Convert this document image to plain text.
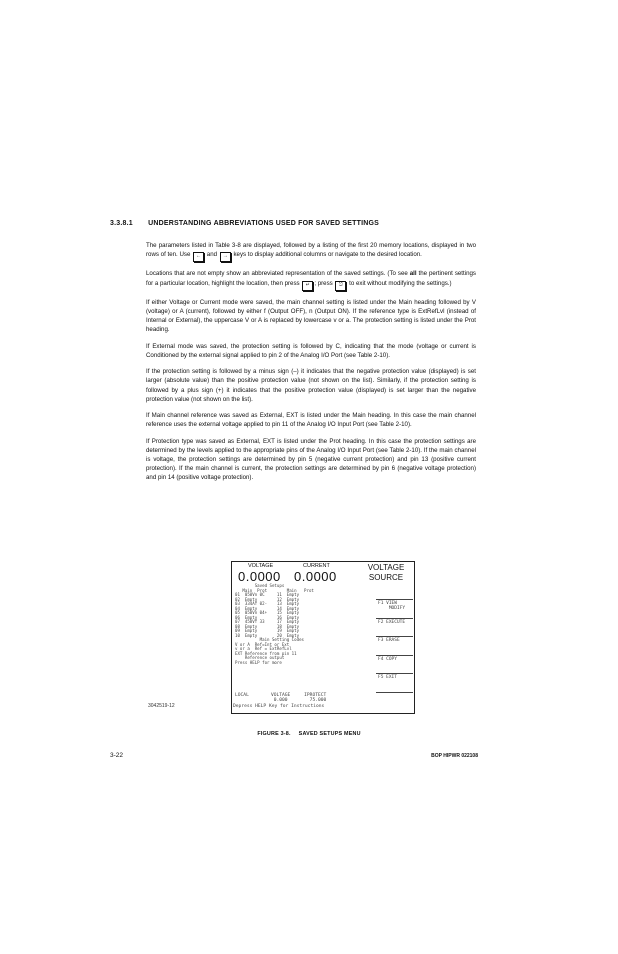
3.3.8.1 UNDERSTANDING ABBREVIATIONS USED FOR SAVED SETTINGS

The parameters listed in Table 3-8 are displayed, followed by a listing of the first 20 memory locations, displayed in two rows of ten. Use ← and → keys to display additional columns or navigate to the desired location.

Locations that are not empty show an abbreviated representation of the saved settings. (To see all the pertinent settings for a particular location, highlight the location, then press ↵ ; press ⎋ to exit without modifying the settings.)

If either Voltage or Current mode were saved, the main channel setting is listed under the Main heading followed by V (voltage) or A (current), followed by either f (Output OFF), n (Output ON). If the reference type is ExtRefLvl (instead of Internal or External), the uppercase V or A is replaced by lowercase v or a. The protection setting is listed under the Prot heading.

If External mode was saved, the protection setting is followed by C, indicating that the mode (voltage or current is Conditioned by the external signal applied to pin 2 of the Analog I/O Port (see Table 2-10).

If the protection setting is followed by a minus sign (–) it indicates that the negative protection value (displayed) is set larger (absolute value) than the positive protection value (not shown on the list). Similarly, if the protection setting is followed by a plus sign (+) it indicates that the positive protection value (displayed) is set larger than the negative protection value (not shown on the list).

If Main channel reference was saved as External, EXT is listed under the Main heading. In this case the main channel reference uses the external voltage applied to pin 11 of the Analog I/O Input Port (see Table 2-10).

If Protection type was saved as External, EXT is listed under the Prot heading. In this case the protection settings are determined by the levels applied to the appropriate pins of the Analog I/O Input Port (see Table 2-10). If the main channel is voltage, the protection settings are determined by pin 5 (negative current protection) and pin 13 (positive current protection). If the main channel is current, the protection settings are determined by pin 6 (negative voltage protection) and pin 14 (positive voltage protection).

VOLTAGE	CURRENT
0.0000 0.0000
VOLTAGE
SOURCE
Saved Setups
Main  Prot        Main   Prot
01  050Vn 0C     11  Empty
02  Empty        12  Empty
03  334Af 02-    13  Empty
04  Empty        14  Empty
05  050Vn 04+    15  Empty
06  Empty        16  Empty
07  450Vf 33     17  Empty
08  Empty        18  Empty
09  Empty        19  Empty
10  Empty        20  Empty
Main Setting Codes
V or A  Ref=Int or Ext
v or a  Ref = ExtRefLvl
EXT Reference from pin 11
Reference output
Press HELP for more
F1 VIEW
MODIFY
F2 EXECUTE
F3 ERASE
F4 COPY
F5 EXIT
LOCAL        VOLTAGE     IPROTECT
0.000        75.000
Depress HELP Key for Instructions
3042519-12
FIGURE 3-8. SAVED SETUPS MENU
3-22	BOP HIPWR 022108
